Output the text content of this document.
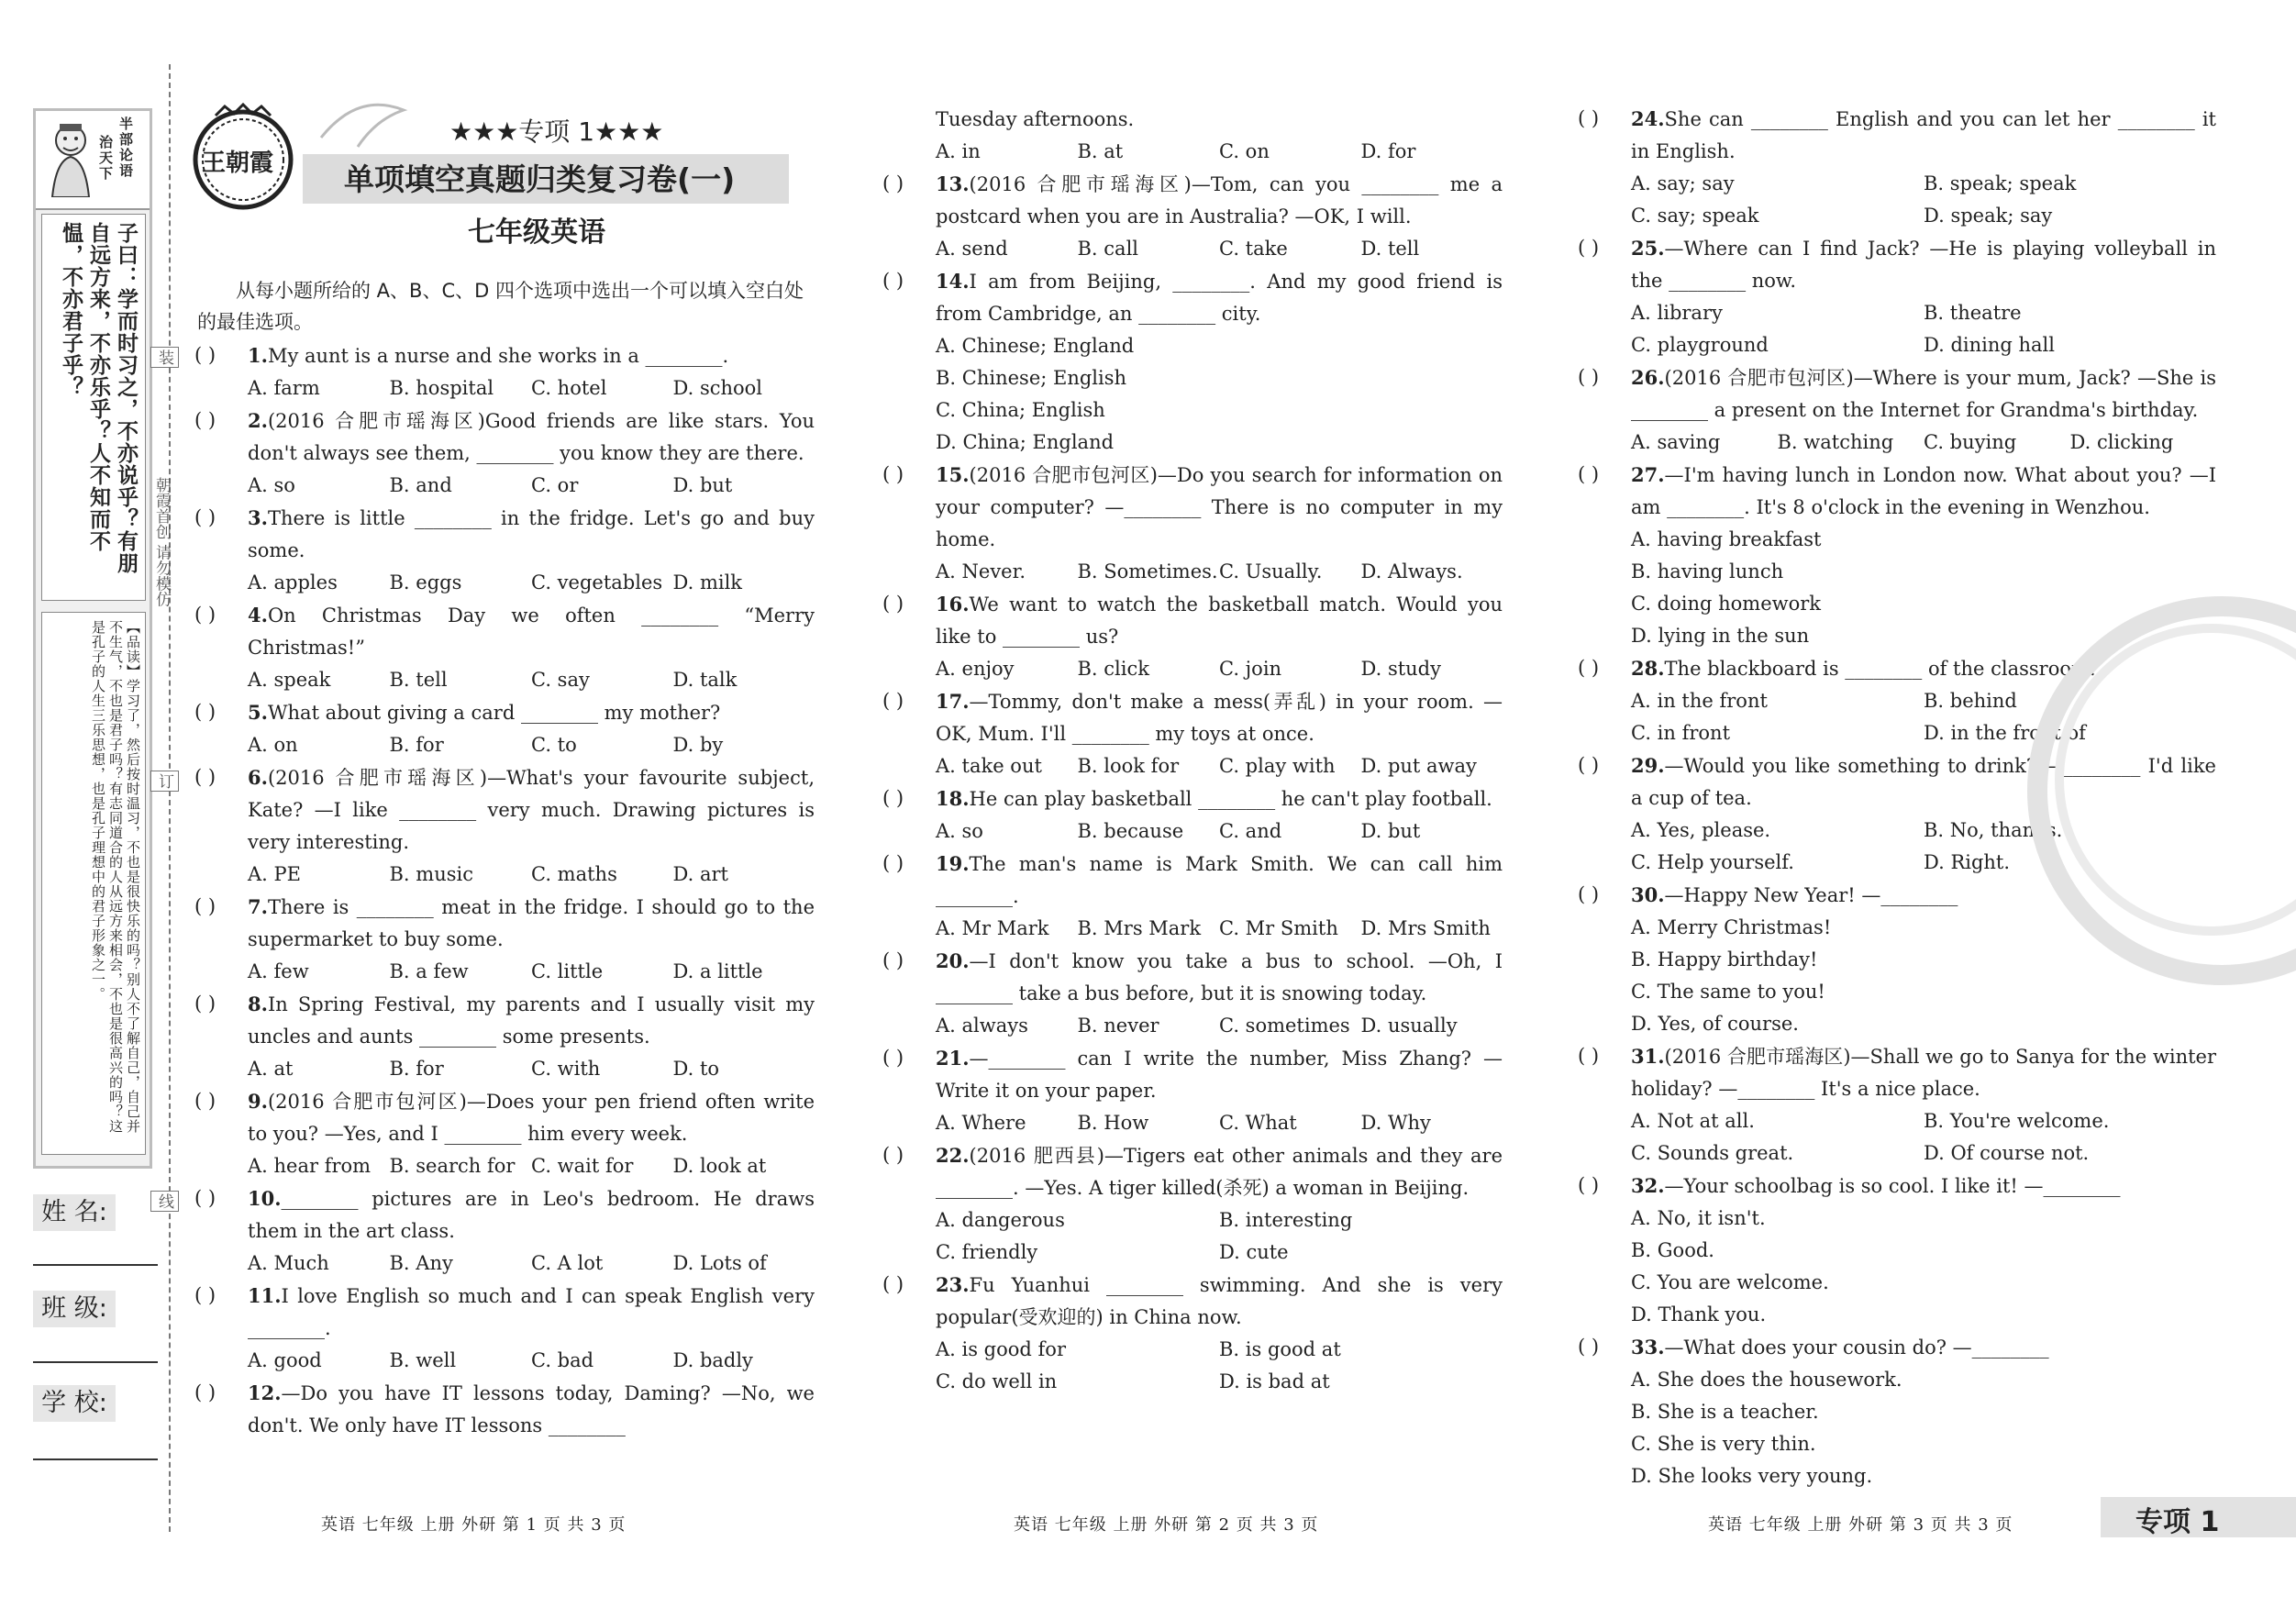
半部论语
治天下
子曰：学而时习之，不亦说乎？有朋自远方来，不亦乐乎？人不知而不愠，不亦君子乎？
【品读】学习了，然后按时温习，不也是很快乐的吗？别人不了解自己，自己并不生气，不也是君子吗？有志同道合的人从远方来相会，不也是很高兴的吗？这是孔子的人生三乐思想，也是孔子理想中的君子形象之一。
装
朝霞首创 请勿模仿
订
线
姓 名:
班 级:
学 校:
王朝霞
★★★专项 1★★★
单项填空真题归类复习卷(一)
七年级英语
从每小题所给的 A、B、C、D 四个选项中选出一个可以填入空白处的最佳选项。
( ) 1.My aunt is a nurse and she works in a ________.
A. farm	B. hospital C. hotel	D. school
( ) 2.(2016 合肥市瑶海区)Good friends are like stars. You don't always see them, ________ you know they are there.
A. so	B. and	C. or	D. but
( ) 3.There is little ________ in the fridge. Let's go and buy some.
A. apples	B. eggs	C. vegetables D. milk
( ) 4.On Christmas Day we often ________ “Merry Christmas!”
A. speak	B. tell	C. say	D. talk
( ) 5.What about giving a card ________ my mother?
A. on	B. for	C. to	D. by
( ) 6.(2016 合肥市瑶海区)—What's your favourite subject, Kate? —I like ________ very much. Drawing pictures is very interesting.
A. PE	B. music	C. maths	D. art
( ) 7.There is ________ meat in the fridge. I should go to the supermarket to buy some.
A. few	B. a few	C. little	D. a little
( ) 8.In Spring Festival, my parents and I usually visit my uncles and aunts ________ some presents.
A. at	B. for	C. with	D. to
( ) 9.(2016 合肥市包河区)—Does your pen friend often write to you? —Yes, and I ________ him every week.
A. hear from B. search for C. wait for D. look at
( ) 10.________ pictures are in Leo's bedroom. He draws them in the art class.
A. Much	B. Any	C. A lot	D. Lots of
( ) 11.I love English so much and I can speak English very ________.
A. good	B. well	C. bad	D. badly
( ) 12.—Do you have IT lessons today, Daming? —No, we don't. We only have IT lessons ________
Tuesday afternoons.
A. in	B. at	C. on	D. for
( ) 13.(2016 合肥市瑶海区)—Tom, can you ________ me a postcard when you are in Australia? —OK, I will.
A. send	B. call	C. take	D. tell
( ) 14.I am from Beijing, ________. And my good friend is from Cambridge, an ________ city.
A. Chinese; England
B. Chinese; English
C. China; English
D. China; England
( ) 15.(2016 合肥市包河区)—Do you search for information on your computer? —________ There is no computer in my home.
A. Never.	B. Sometimes. C. Usually. D. Always.
( ) 16.We want to watch the basketball match. Would you like to ________ us?
A. enjoy	B. click	C. join	D. study
( ) 17.—Tommy, don't make a mess(弄乱) in your room. —OK, Mum. I'll ________ my toys at once.
A. take out B. look for C. play with D. put away
( ) 18.He can play basketball ________ he can't play football.
A. so	B. because C. and	D. but
( ) 19.The man's name is Mark Smith. We can call him ________.
A. Mr Mark B. Mrs Mark C. Mr Smith D. Mrs Smith
( ) 20.—I don't know you take a bus to school. —Oh, I ________ take a bus before, but it is snowing today.
A. always	B. never	C. sometimes D. usually
( ) 21.—________ can I write the number, Miss Zhang? —Write it on your paper.
A. Where	B. How	C. What	D. Why
( ) 22.(2016 肥西县)—Tigers eat other animals and they are ________. —Yes. A tiger killed(杀死) a woman in Beijing.
A. dangerous	B. interesting
C. friendly	D. cute
( ) 23.Fu Yuanhui ________ swimming. And she is very popular(受欢迎的) in China now.
A. is good for	B. is good at
C. do well in	D. is bad at
( ) 24.She can ________ English and you can let her ________ it in English.
A. say; say	B. speak; speak
C. say; speak	D. speak; say
( ) 25.—Where can I find Jack? —He is playing volleyball in the ________ now.
A. library	B. theatre
C. playground	D. dining hall
( ) 26.(2016 合肥市包河区)—Where is your mum, Jack? —She is ________ a present on the Internet for Grandma's birthday.
A. saving	B. watching C. buying	D. clicking
( ) 27.—I'm having lunch in London now. What about you? —I am ________. It's 8 o'clock in the evening in Wenzhou.
A. having breakfast
B. having lunch
C. doing homework
D. lying in the sun
( ) 28.The blackboard is ________ of the classroom.
A. in the front	B. behind
C. in front	D. in the front of
( ) 29.—Would you like something to drink? —________ I'd like a cup of tea.
A. Yes, please.	B. No, thanks.
C. Help yourself.	D. Right.
( ) 30.—Happy New Year! —________
A. Merry Christmas!
B. Happy birthday!
C. The same to you!
D. Yes, of course.
( ) 31.(2016 合肥市瑶海区)—Shall we go to Sanya for the winter holiday? —________ It's a nice place.
A. Not at all.	B. You're welcome.
C. Sounds great.	D. Of course not.
( ) 32.—Your schoolbag is so cool. I like it! —________
A. No, it isn't.
B. Good.
C. You are welcome.
D. Thank you.
( ) 33.—What does your cousin do? —________
A. She does the housework.
B. She is a teacher.
C. She is very thin.
D. She looks very young.
英语 七年级 上册 外研 第 1 页 共 3 页	英语 七年级 上册 外研 第 2 页 共 3 页	英语 七年级 上册 外研 第 3 页 共 3 页	专项 1
